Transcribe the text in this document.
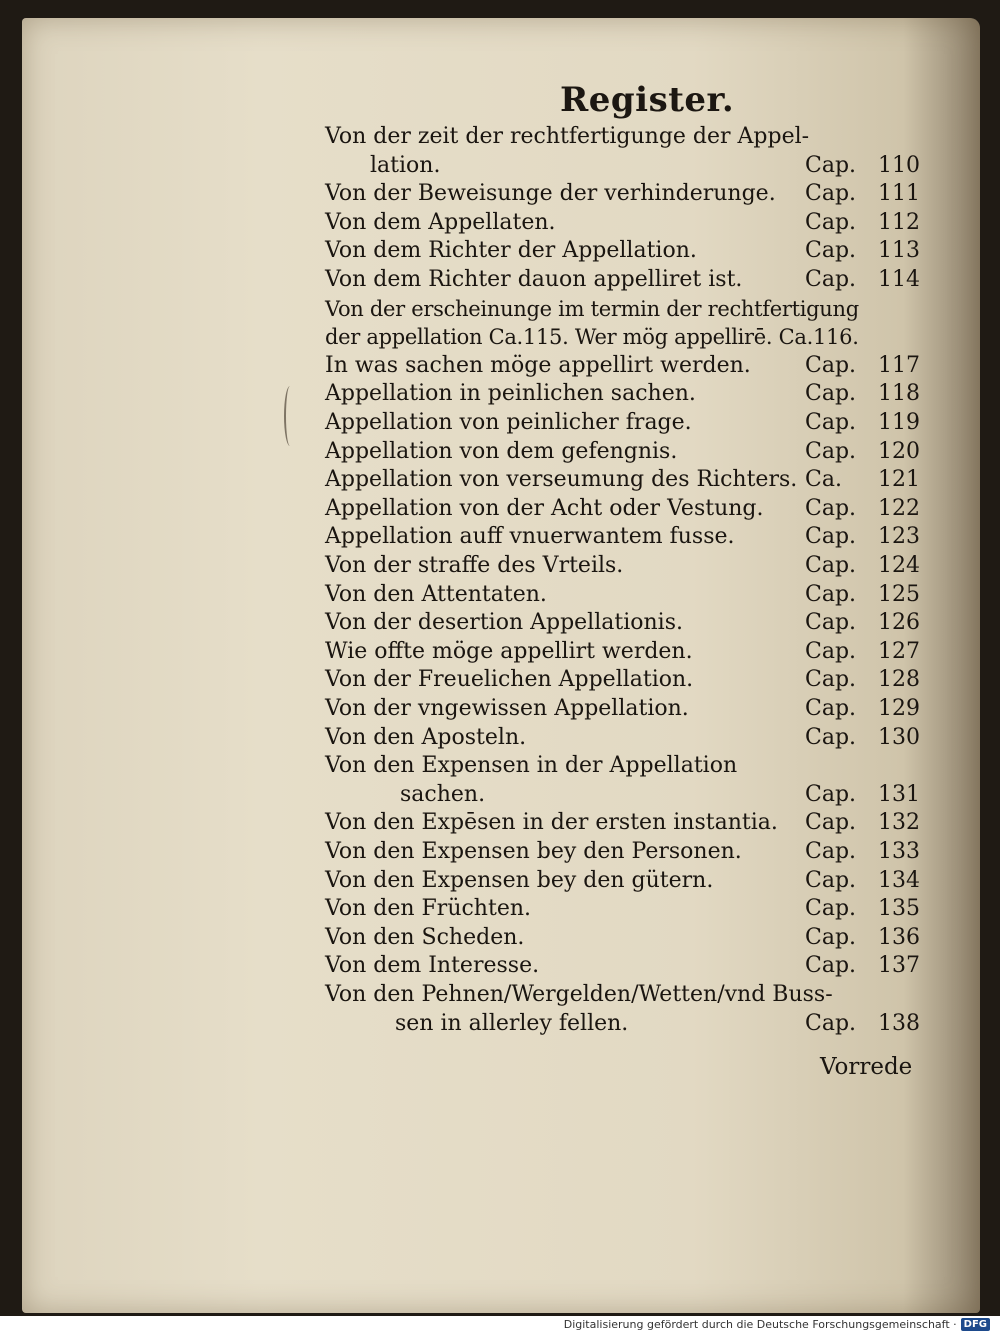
Register.
Von der zeit der rechtfertigunge der Appel-
lation.	Cap. 110
Von der Beweisunge der verhinderunge. Cap. 111
Von dem Appellaten.	Cap. 112
Von dem Richter der Appellation.	Cap. 113
Von dem Richter dauon appelliret ist.	Cap. 114
Von der erscheinunge im termin der rechtfertigung
der appellation Ca.115. Wer mög appellirē. Ca.116.
In was sachen möge appellirt werden. Cap. 117
Appellation in peinlichen sachen.	Cap. 118
Appellation von peinlicher frage.	Cap. 119
Appellation von dem gefengnis.	Cap. 120
Appellation von verseumung des Richters. Ca. 121
Appellation von der Acht oder Vestung. Cap. 122
Appellation auff vnuerwantem fusse.	Cap. 123
Von der straffe des Vrteils.	Cap. 124
Von den Attentaten.	Cap. 125
Von der desertion Appellationis.	Cap. 126
Wie offte möge appellirt werden.	Cap. 127
Von der Freuelichen Appellation.	Cap. 128
Von der vngewissen Appellation.	Cap. 129
Von den Aposteln.	Cap. 130
Von den Expensen in der Appellation
sachen.	Cap. 131
Von den Expēsen in der ersten instantia. Cap. 132
Von den Expensen bey den Personen.	Cap. 133
Von den Expensen bey den gütern.	Cap. 134
Von den Früchten.	Cap. 135
Von den Scheden.	Cap. 136
Von dem Interesse.	Cap. 137
Von den Pehnen/Wergelden/Wetten/vnd Buss-
sen in allerley fellen.	Cap. 138
Vorrede
Digitalisierung gefördert durch die Deutsche Forschungsgemeinschaft · DFG
